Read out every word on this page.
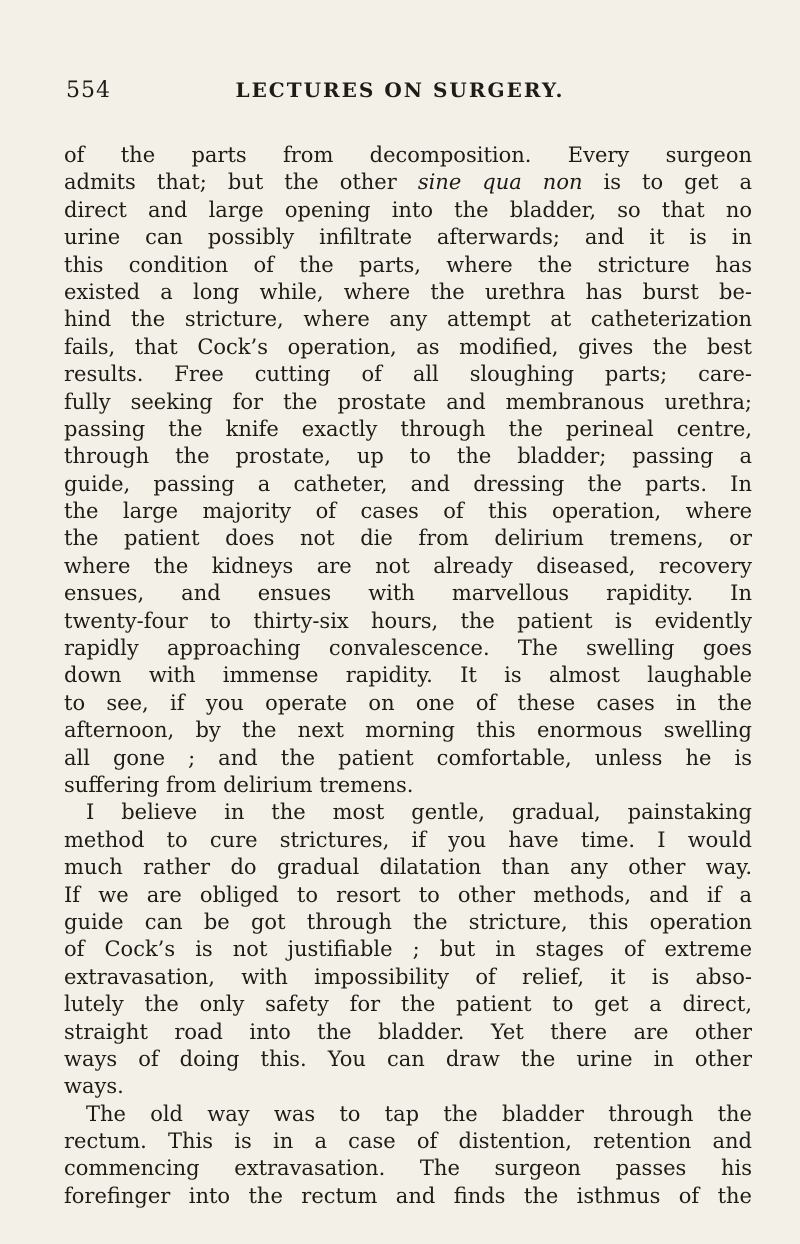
554	LECTURES ON SURGERY.
of the parts from decomposition. Every surgeon
admits that; but the other sine qua non is to get a
direct and large opening into the bladder, so that no
urine can possibly infiltrate afterwards; and it is in
this condition of the parts, where the stricture has
existed a long while, where the urethra has burst be-
hind the stricture, where any attempt at catheterization
fails, that Cock’s operation, as modified, gives the best
results. Free cutting of all sloughing parts; care-
fully seeking for the prostate and membranous urethra;
passing the knife exactly through the perineal centre,
through the prostate, up to the bladder; passing a
guide, passing a catheter, and dressing the parts. In
the large majority of cases of this operation, where
the patient does not die from delirium tremens, or
where the kidneys are not already diseased, recovery
ensues, and ensues with marvellous rapidity. In
twenty-four to thirty-six hours, the patient is evidently
rapidly approaching convalescence. The swelling goes
down with immense rapidity. It is almost laughable
to see, if you operate on one of these cases in the
afternoon, by the next morning this enormous swelling
all gone ; and the patient comfortable, unless he is
suffering from delirium tremens.
I believe in the most gentle, gradual, painstaking
method to cure strictures, if you have time. I would
much rather do gradual dilatation than any other way.
If we are obliged to resort to other methods, and if a
guide can be got through the stricture, this operation
of Cock’s is not justifiable ; but in stages of extreme
extravasation, with impossibility of relief, it is abso-
lutely the only safety for the patient to get a direct,
straight road into the bladder. Yet there are other
ways of doing this. You can draw the urine in other
ways.
The old way was to tap the bladder through the
rectum. This is in a case of distention, retention and
commencing extravasation. The surgeon passes his
forefinger into the rectum and finds the isthmus of the
